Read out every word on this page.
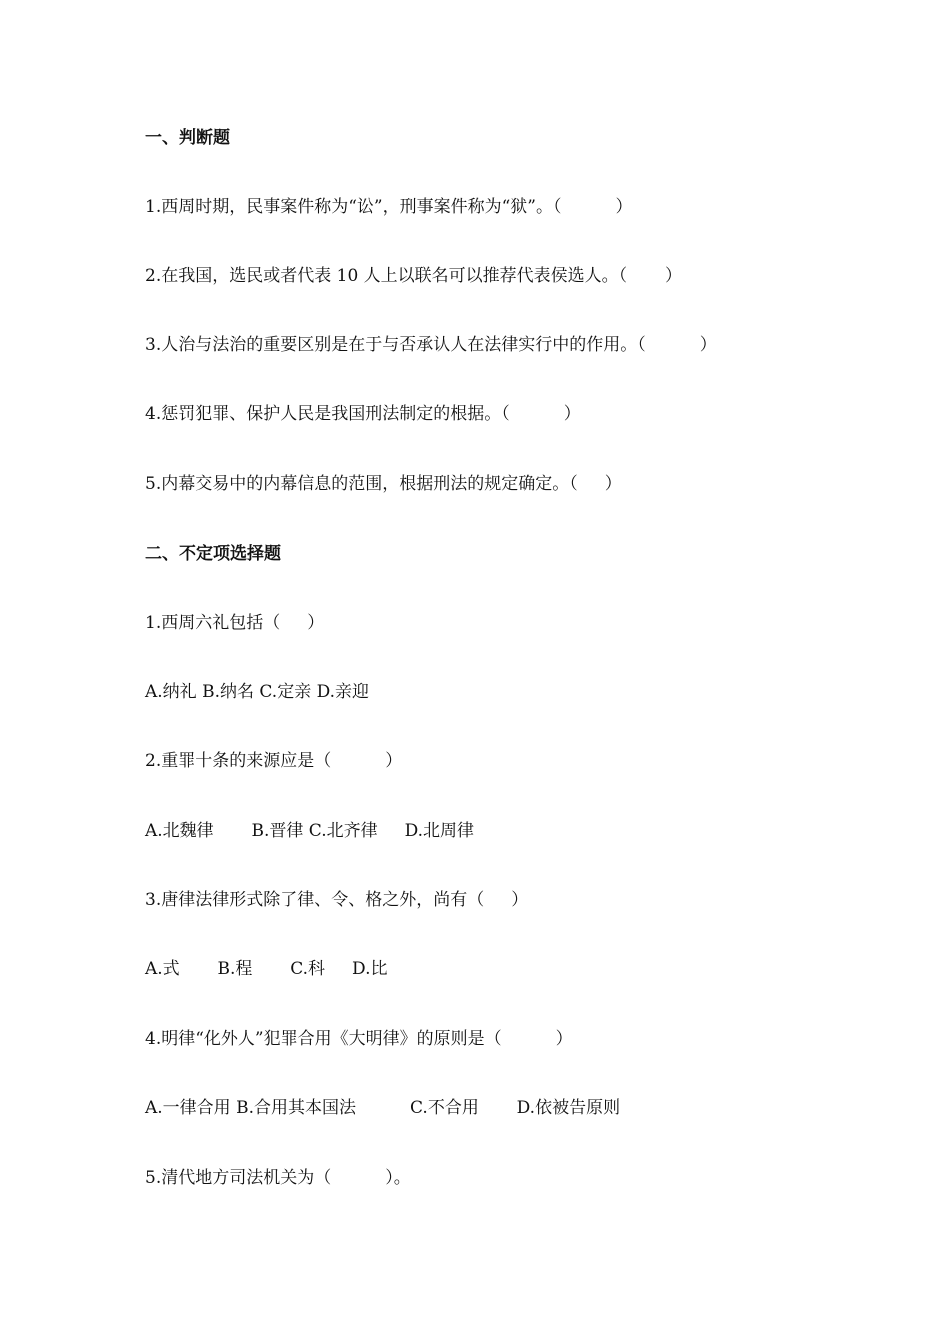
一、判断题
1.西周时期，民事案件称为“讼”，刑事案件称为“狱”。（          ）
2.在我国，选民或者代表 10 人上以联名可以推荐代表侯选人。（       ）
3.人治与法治的重要区别是在于与否承认人在法律实行中的作用。（          ）
4.惩罚犯罪、保护人民是我国刑法制定的根据。（          ）
5.内幕交易中的内幕信息的范围，根据刑法的规定确定。（     ）
二、不定项选择题
1.西周六礼包括（     ）
A.纳礼 B.纳名 C.定亲 D.亲迎
2.重罪十条的来源应是（          ）
A.北魏律       B.晋律 C.北齐律     D.北周律
3.唐律法律形式除了律、令、格之外，尚有（     ）
A.式       B.程       C.科     D.比
4.明律“化外人”犯罪合用《大明律》的原则是（          ）
A.一律合用 B.合用其本国法          C.不合用       D.依被告原则
5.清代地方司法机关为（          ）。
